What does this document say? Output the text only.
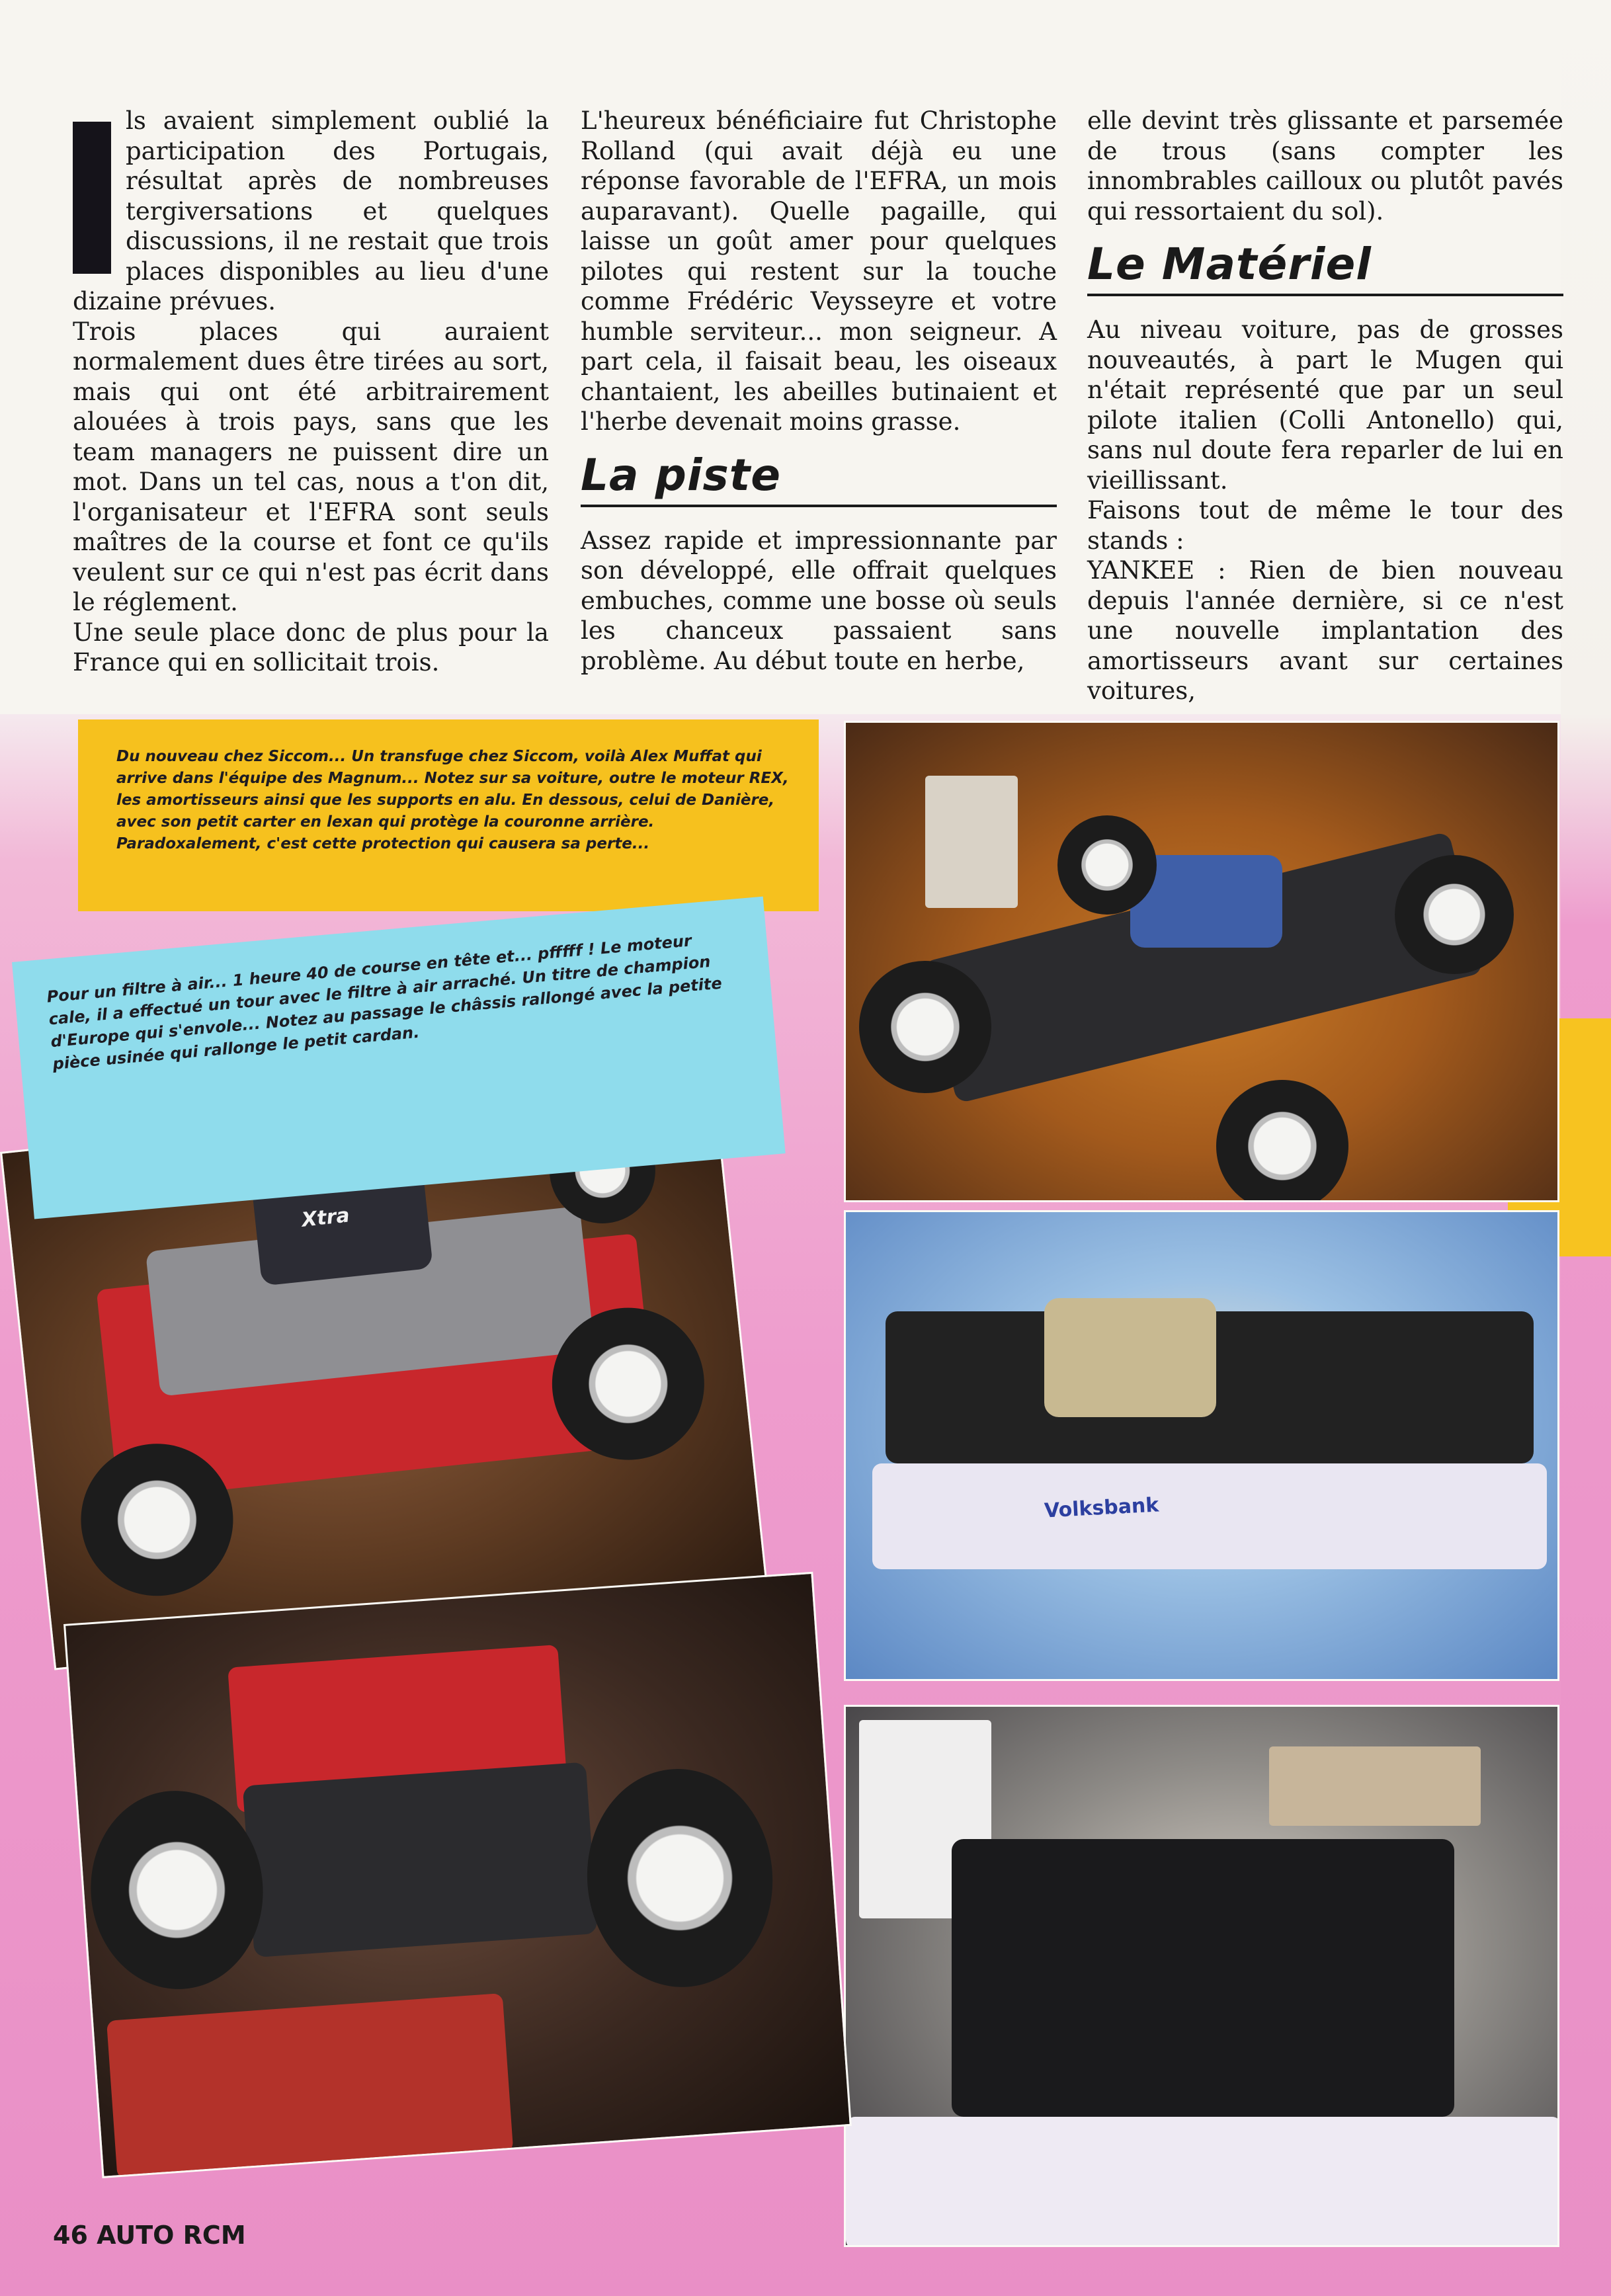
ls avaient simplement oublié la participation des Portugais, résultat après de nombreuses tergiversations et quelques discussions, il ne restait que trois places disponibles au lieu d'une dizaine prévues.

Trois places qui auraient normalement dues être tirées au sort, mais qui ont été arbitrairement alouées à trois pays, sans que les team managers ne puissent dire un mot. Dans un tel cas, nous a t'on dit, l'organisateur et l'EFRA sont seuls maîtres de la course et font ce qu'ils veulent sur ce qui n'est pas écrit dans le réglement.

Une seule place donc de plus pour la France qui en sollicitait trois.

L'heureux bénéficiaire fut Christophe Rolland (qui avait déjà eu une réponse favorable de l'EFRA, un mois auparavant). Quelle pagaille, qui laisse un goût amer pour quelques pilotes qui restent sur la touche comme Frédéric Veysseyre et votre humble serviteur... mon seigneur. A part cela, il faisait beau, les oiseaux chantaient, les abeilles butinaient et l'herbe devenait moins grasse.

La piste

Assez rapide et impressionnante par son développé, elle offrait quelques embuches, comme une bosse où seuls les chanceux passaient sans problème. Au début toute en herbe,

elle devint très glissante et parsemée de trous (sans compter les innombrables cailloux ou plutôt pavés qui ressortaient du sol).

Le Matériel

Au niveau voiture, pas de grosses nouveautés, à part le Mugen qui n'était représenté que par un seul pilote italien (Colli Antonello) qui, sans nul doute fera reparler de lui en vieillissant.

Faisons tout de même le tour des stands :

YANKEE : Rien de bien nouveau depuis l'année dernière, si ce n'est une nouvelle implantation des amortisseurs avant sur certaines voitures,

Du nouveau chez Siccom... Un transfuge chez Siccom, voilà Alex Muffat qui arrive dans l'équipe des Magnum... Notez sur sa voiture, outre le moteur REX, les amortisseurs ainsi que les supports en alu. En dessous, celui de Danière, avec son petit carter en lexan qui protège la couronne arrière. Paradoxalement, c'est cette protection qui causera sa perte...
Volksbank
Xtra
Pour un filtre à air... 1 heure 40 de course en tête et... pfffff ! Le moteur cale, il a effectué un tour avec le filtre à air arraché. Un titre de champion d'Europe qui s'envole... Notez au passage le châssis rallongé avec la petite pièce usinée qui rallonge le petit cardan.
46 AUTO RCM
